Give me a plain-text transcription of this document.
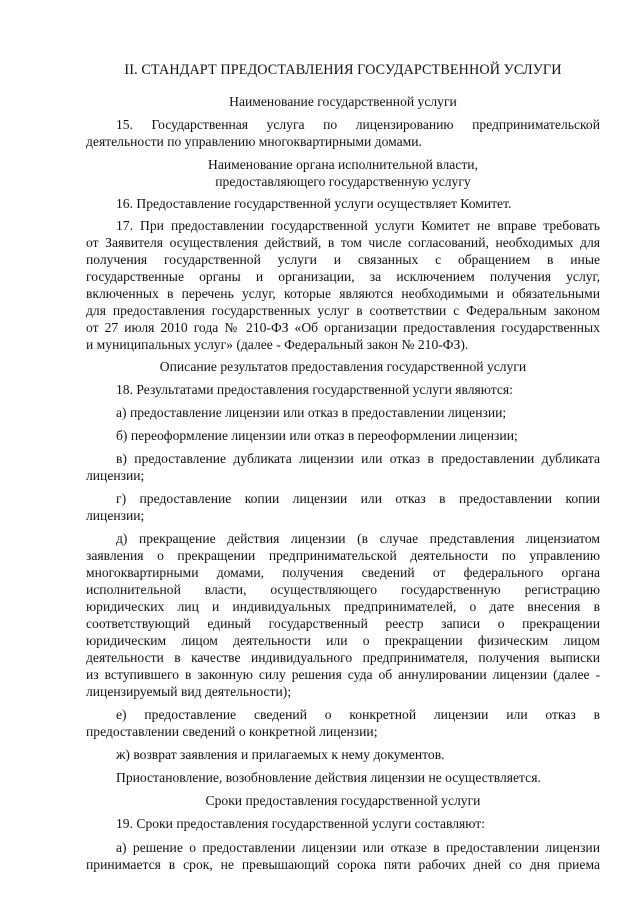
II. СТАНДАРТ ПРЕДОСТАВЛЕНИЯ ГОСУДАРСТВЕННОЙ УСЛУГИ
Наименование государственной услуги
15. Государственная услуга по лицензированию предпринимательской
деятельности по управлению многоквартирными домами.
Наименование органа исполнительной власти,
предоставляющего государственную услугу
16. Предоставление государственной услуги осуществляет Комитет.
17. При предоставлении государственной услуги Комитет не вправе требовать
от Заявителя осуществления действий, в том числе согласований, необходимых для
получения государственной услуги и связанных с обращением в иные
государственные органы и организации, за исключением получения услуг,
включенных в перечень услуг, которые являются необходимыми и обязательными
для предоставления государственных услуг в соответствии с Федеральным законом
от 27 июля 2010 года № 210-ФЗ «Об организации предоставления государственных
и муниципальных услуг» (далее - Федеральный закон № 210-ФЗ).
Описание результатов предоставления государственной услуги
18. Результатами предоставления государственной услуги являются:
а) предоставление лицензии или отказ в предоставлении лицензии;
б) переоформление лицензии или отказ в переоформлении лицензии;
в) предоставление дубликата лицензии или отказ в предоставлении дубликата
лицензии;
г) предоставление копии лицензии или отказ в предоставлении копии
лицензии;
д) прекращение действия лицензии (в случае представления лицензиатом
заявления о прекращении предпринимательской деятельности по управлению
многоквартирными домами, получения сведений от федерального органа
исполнительной власти, осуществляющего государственную регистрацию
юридических лиц и индивидуальных предпринимателей, о дате внесения в
соответствующий единый государственный реестр записи о прекращении
юридическим лицом деятельности или о прекращении физическим лицом
деятельности в качестве индивидуального предпринимателя, получения выписки
из вступившего в законную силу решения суда об аннулировании лицензии (далее -
лицензируемый вид деятельности);
е) предоставление сведений о конкретной лицензии или отказ в
предоставлении сведений о конкретной лицензии;
ж) возврат заявления и прилагаемых к нему документов.
Приостановление, возобновление действия лицензии не осуществляется.
Сроки предоставления государственной услуги
19. Сроки предоставления государственной услуги составляют:
а) решение о предоставлении лицензии или отказе в предоставлении лицензии
принимается в срок, не превышающий сорока пяти рабочих дней со дня приема
